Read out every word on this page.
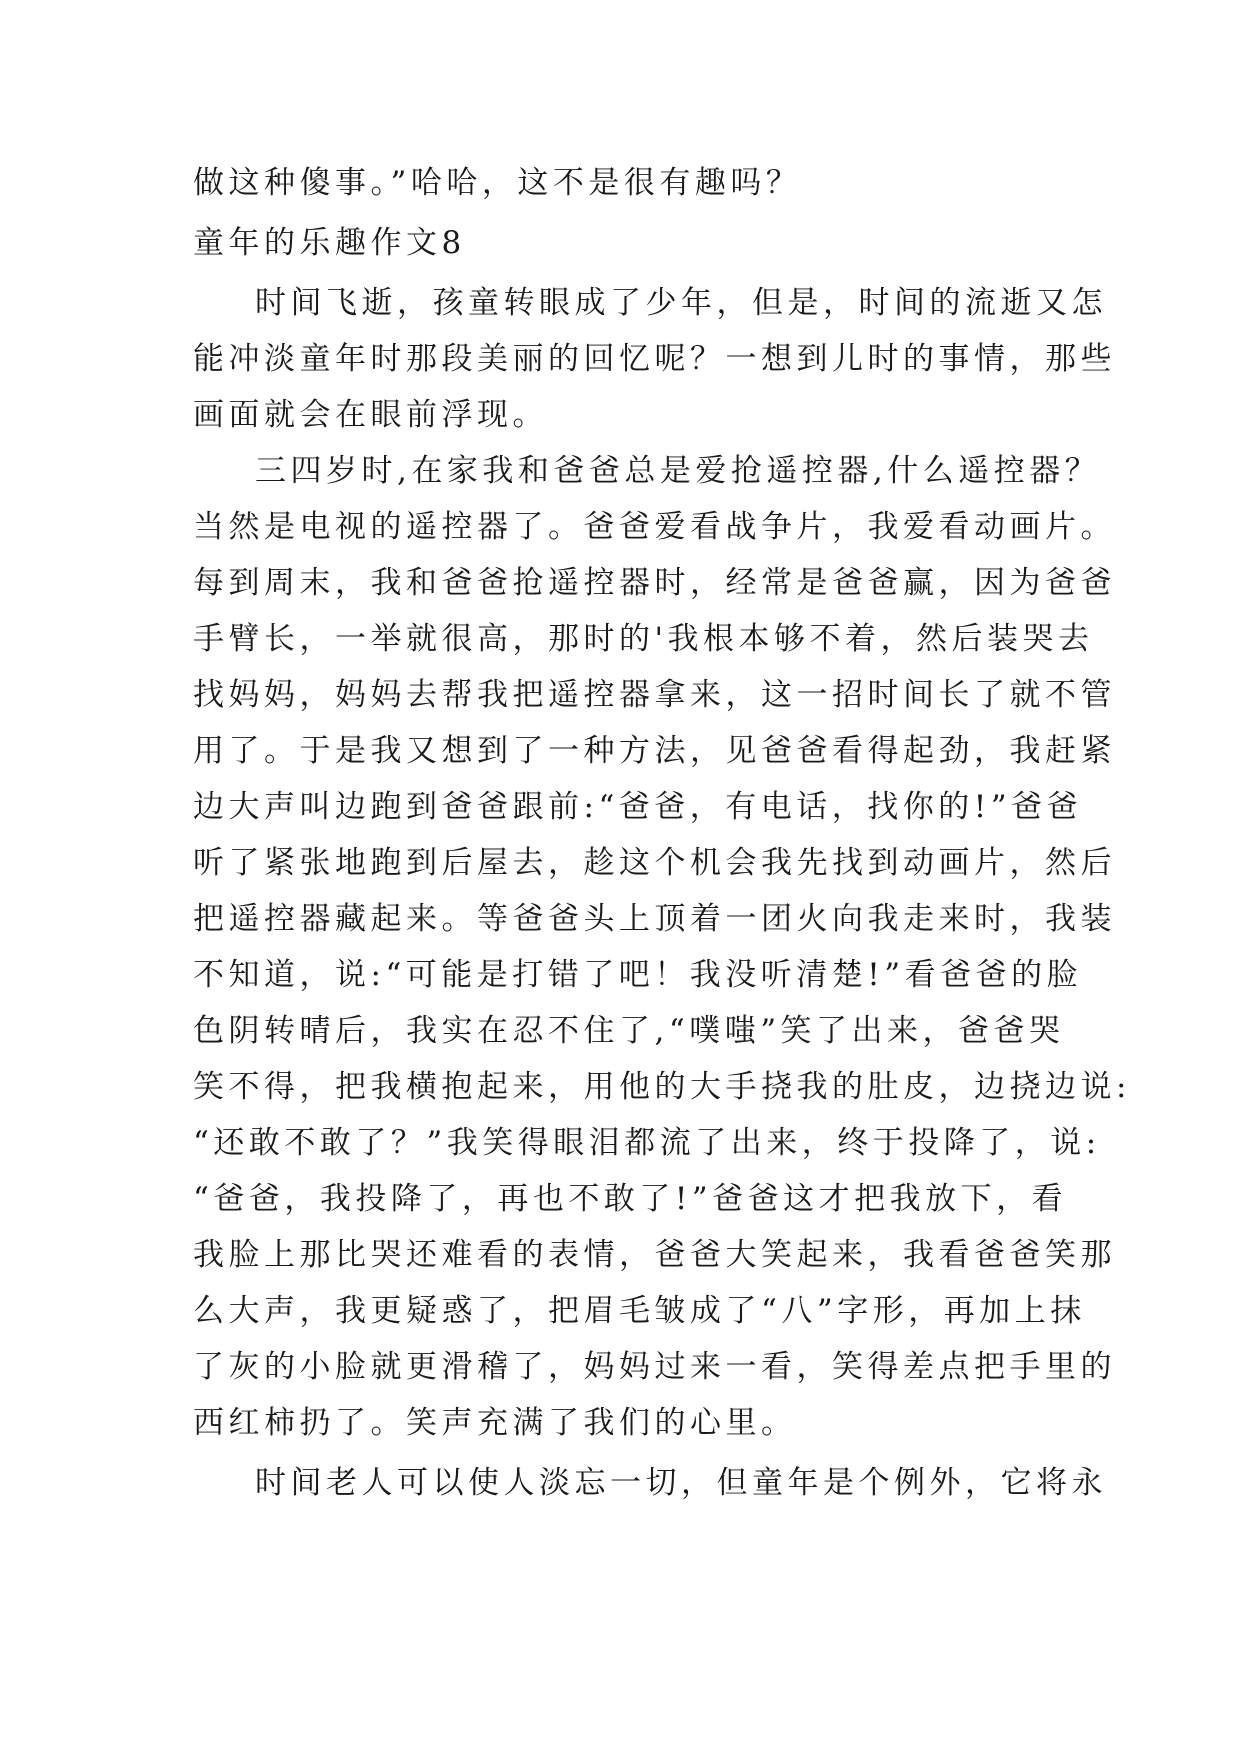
做这种傻事。”哈哈，这不是很有趣吗？
童年的乐趣作文8
时间飞逝，孩童转眼成了少年，但是，时间的流逝又怎
能冲淡童年时那段美丽的回忆呢？一想到儿时的事情，那些
画面就会在眼前浮现。
三四岁时,在家我和爸爸总是爱抢遥控器,什么遥控器？
当然是电视的遥控器了。爸爸爱看战争片，我爱看动画片。
每到周末，我和爸爸抢遥控器时，经常是爸爸赢，因为爸爸
手臂长，一举就很高，那时的'我根本够不着，然后装哭去
找妈妈，妈妈去帮我把遥控器拿来，这一招时间长了就不管
用了。于是我又想到了一种方法，见爸爸看得起劲，我赶紧
边大声叫边跑到爸爸跟前:“爸爸，有电话，找你的!”爸爸
听了紧张地跑到后屋去，趁这个机会我先找到动画片，然后
把遥控器藏起来。等爸爸头上顶着一团火向我走来时，我装
不知道，说:“可能是打错了吧！我没听清楚!”看爸爸的脸
色阴转晴后，我实在忍不住了,“噗嗤”笑了出来，爸爸哭
笑不得，把我横抱起来，用他的大手挠我的肚皮，边挠边说:
“还敢不敢了？”我笑得眼泪都流了出来，终于投降了，说:
“爸爸，我投降了，再也不敢了!”爸爸这才把我放下，看
我脸上那比哭还难看的表情，爸爸大笑起来，我看爸爸笑那
么大声，我更疑惑了，把眉毛皱成了“八”字形，再加上抹
了灰的小脸就更滑稽了，妈妈过来一看，笑得差点把手里的
西红柿扔了。笑声充满了我们的心里。
时间老人可以使人淡忘一切，但童年是个例外，它将永
